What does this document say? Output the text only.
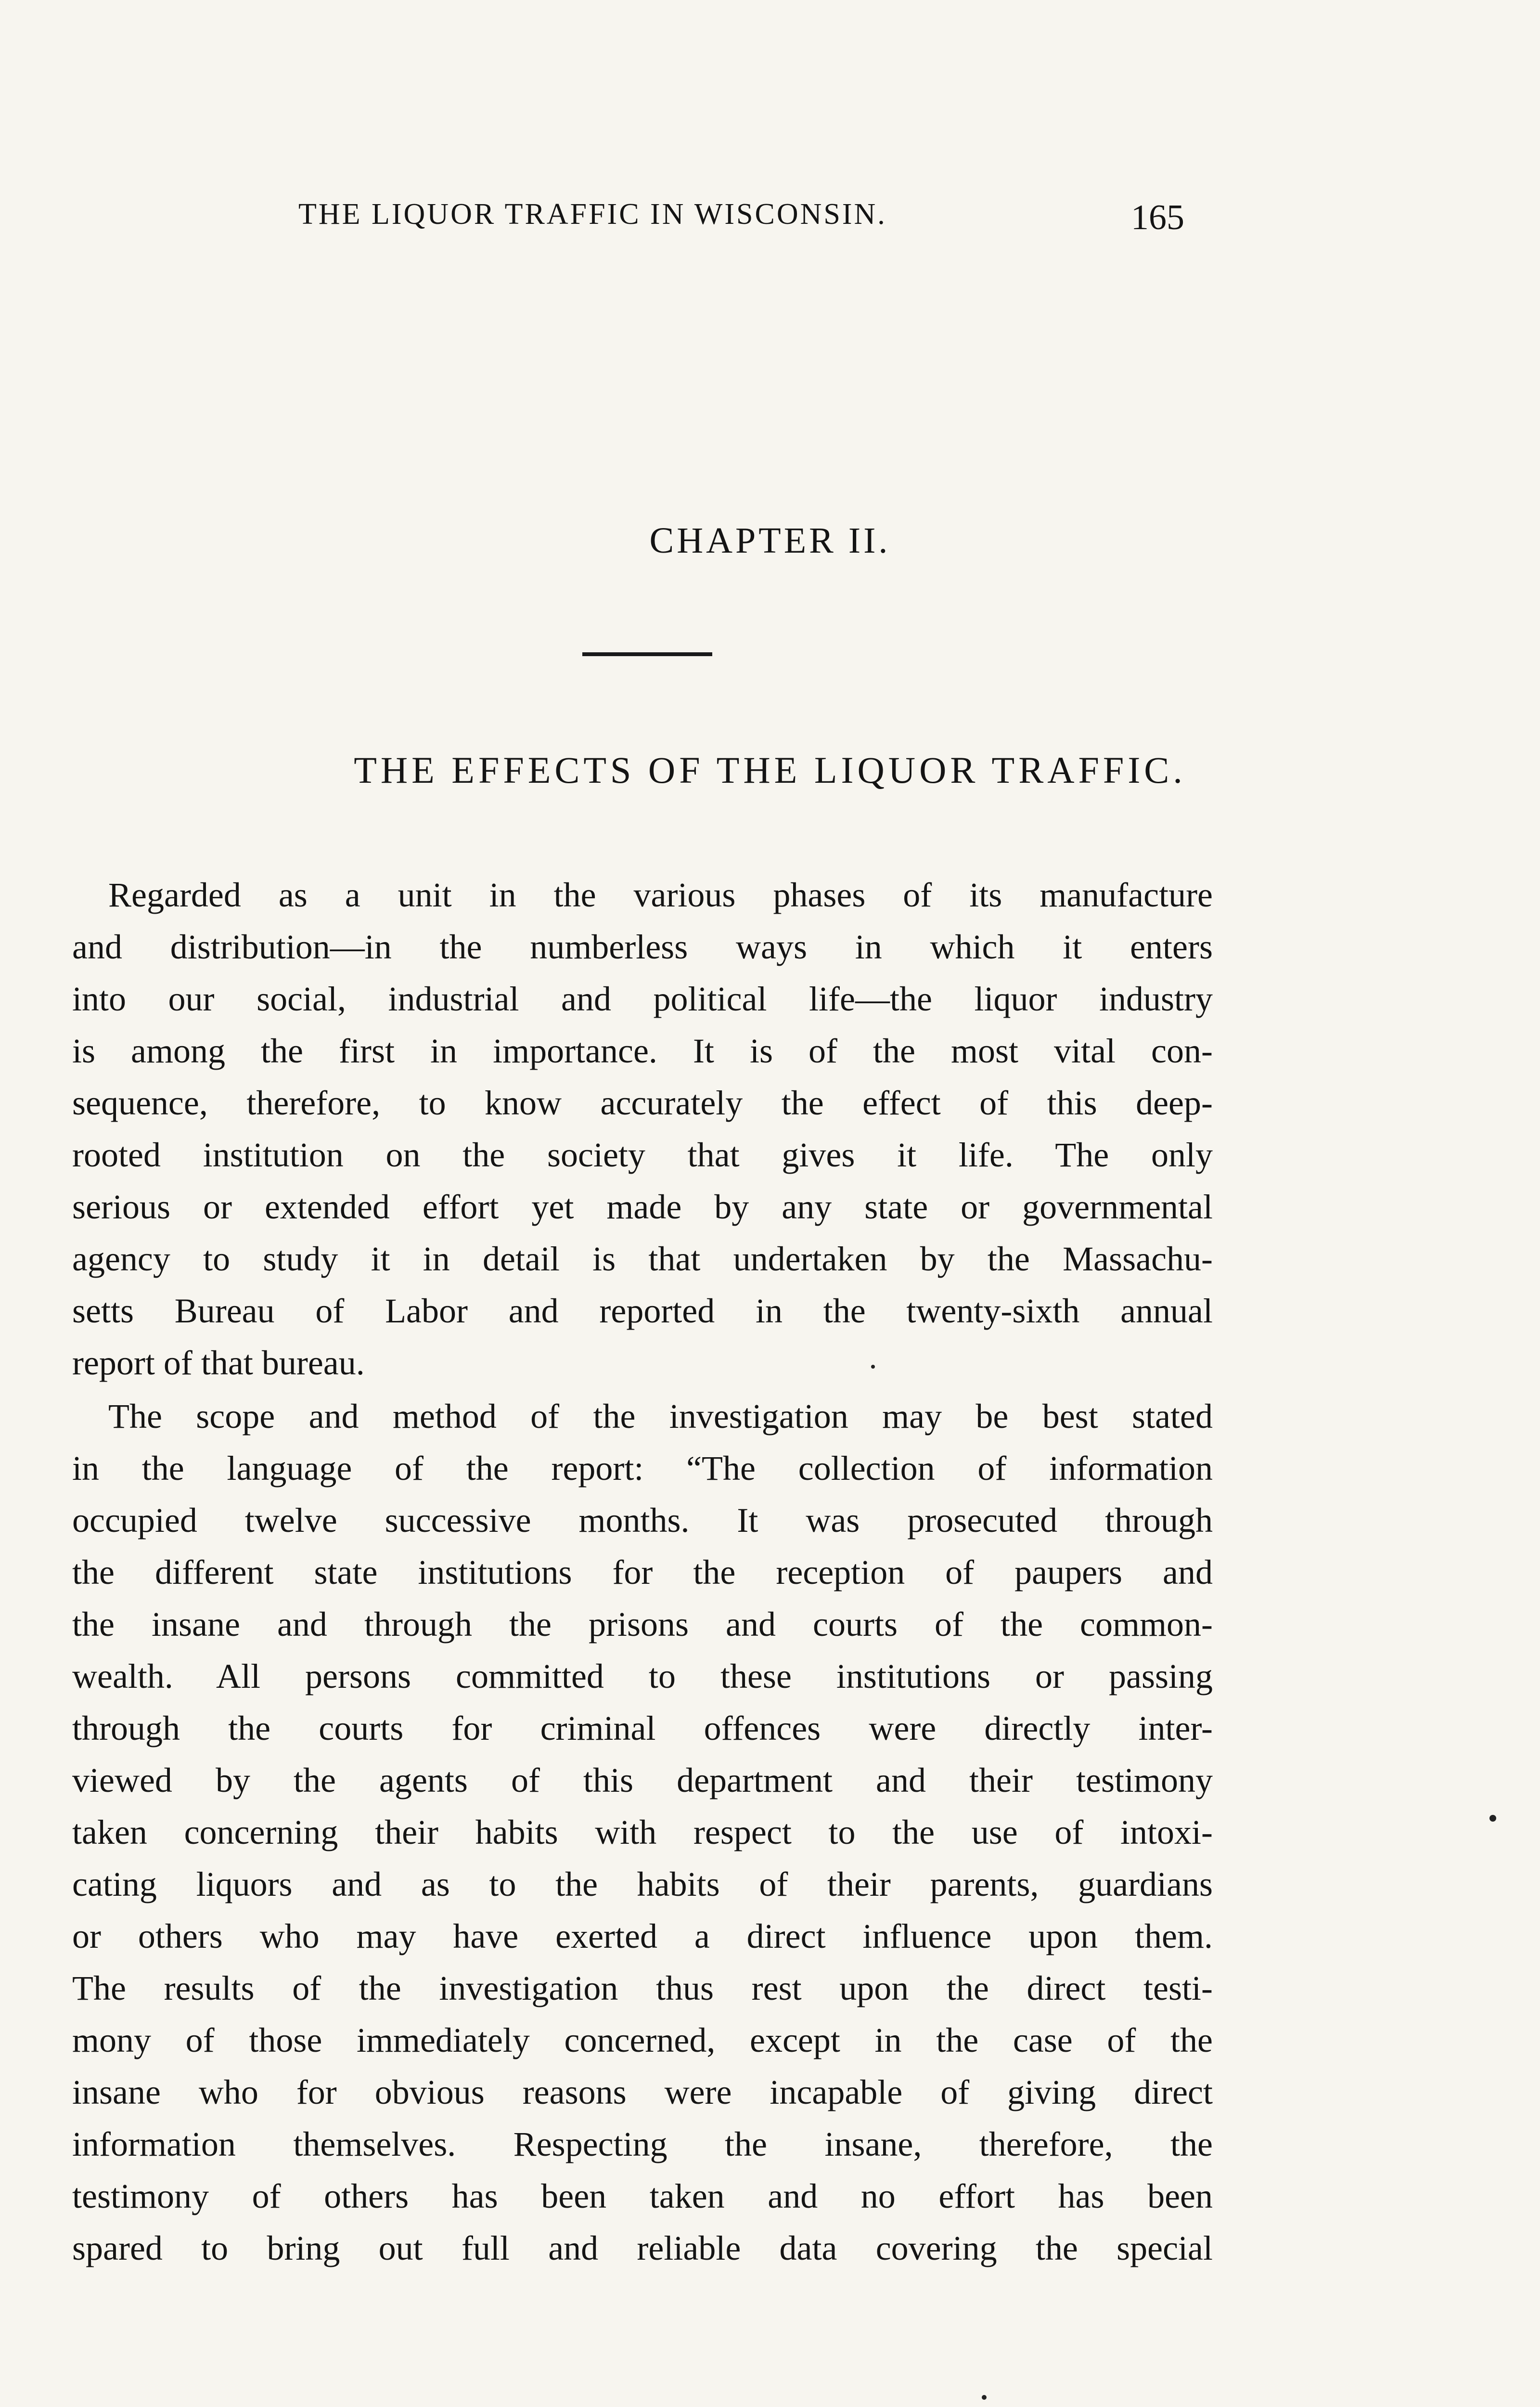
THE LIQUOR TRAFFIC IN WISCONSIN.	165
CHAPTER II.
THE EFFECTS OF THE LIQUOR TRAFFIC.
Regarded as a unit in the various phases of its manufacture
and distribution—in the numberless ways in which it enters
into our social, industrial and political life—the liquor industry
is among the first in importance. It is of the most vital con-
sequence, therefore, to know accurately the effect of this deep-
rooted institution on the society that gives it life. The only
serious or extended effort yet made by any state or governmental
agency to study it in detail is that undertaken by the Massachu-
setts Bureau of Labor and reported in the twenty-sixth annual
report of that bureau.
The scope and method of the investigation may be best stated
in the language of the report: “The collection of information
occupied twelve successive months. It was prosecuted through
the different state institutions for the reception of paupers and
the insane and through the prisons and courts of the common-
wealth. All persons committed to these institutions or passing
through the courts for criminal offences were directly inter-
viewed by the agents of this department and their testimony
taken concerning their habits with respect to the use of intoxi-
cating liquors and as to the habits of their parents, guardians
or others who may have exerted a direct influence upon them.
The results of the investigation thus rest upon the direct testi-
mony of those immediately concerned, except in the case of the
insane who for obvious reasons were incapable of giving direct
information themselves. Respecting the insane, therefore, the
testimony of others has been taken and no effort has been
spared to bring out full and reliable data covering the special
